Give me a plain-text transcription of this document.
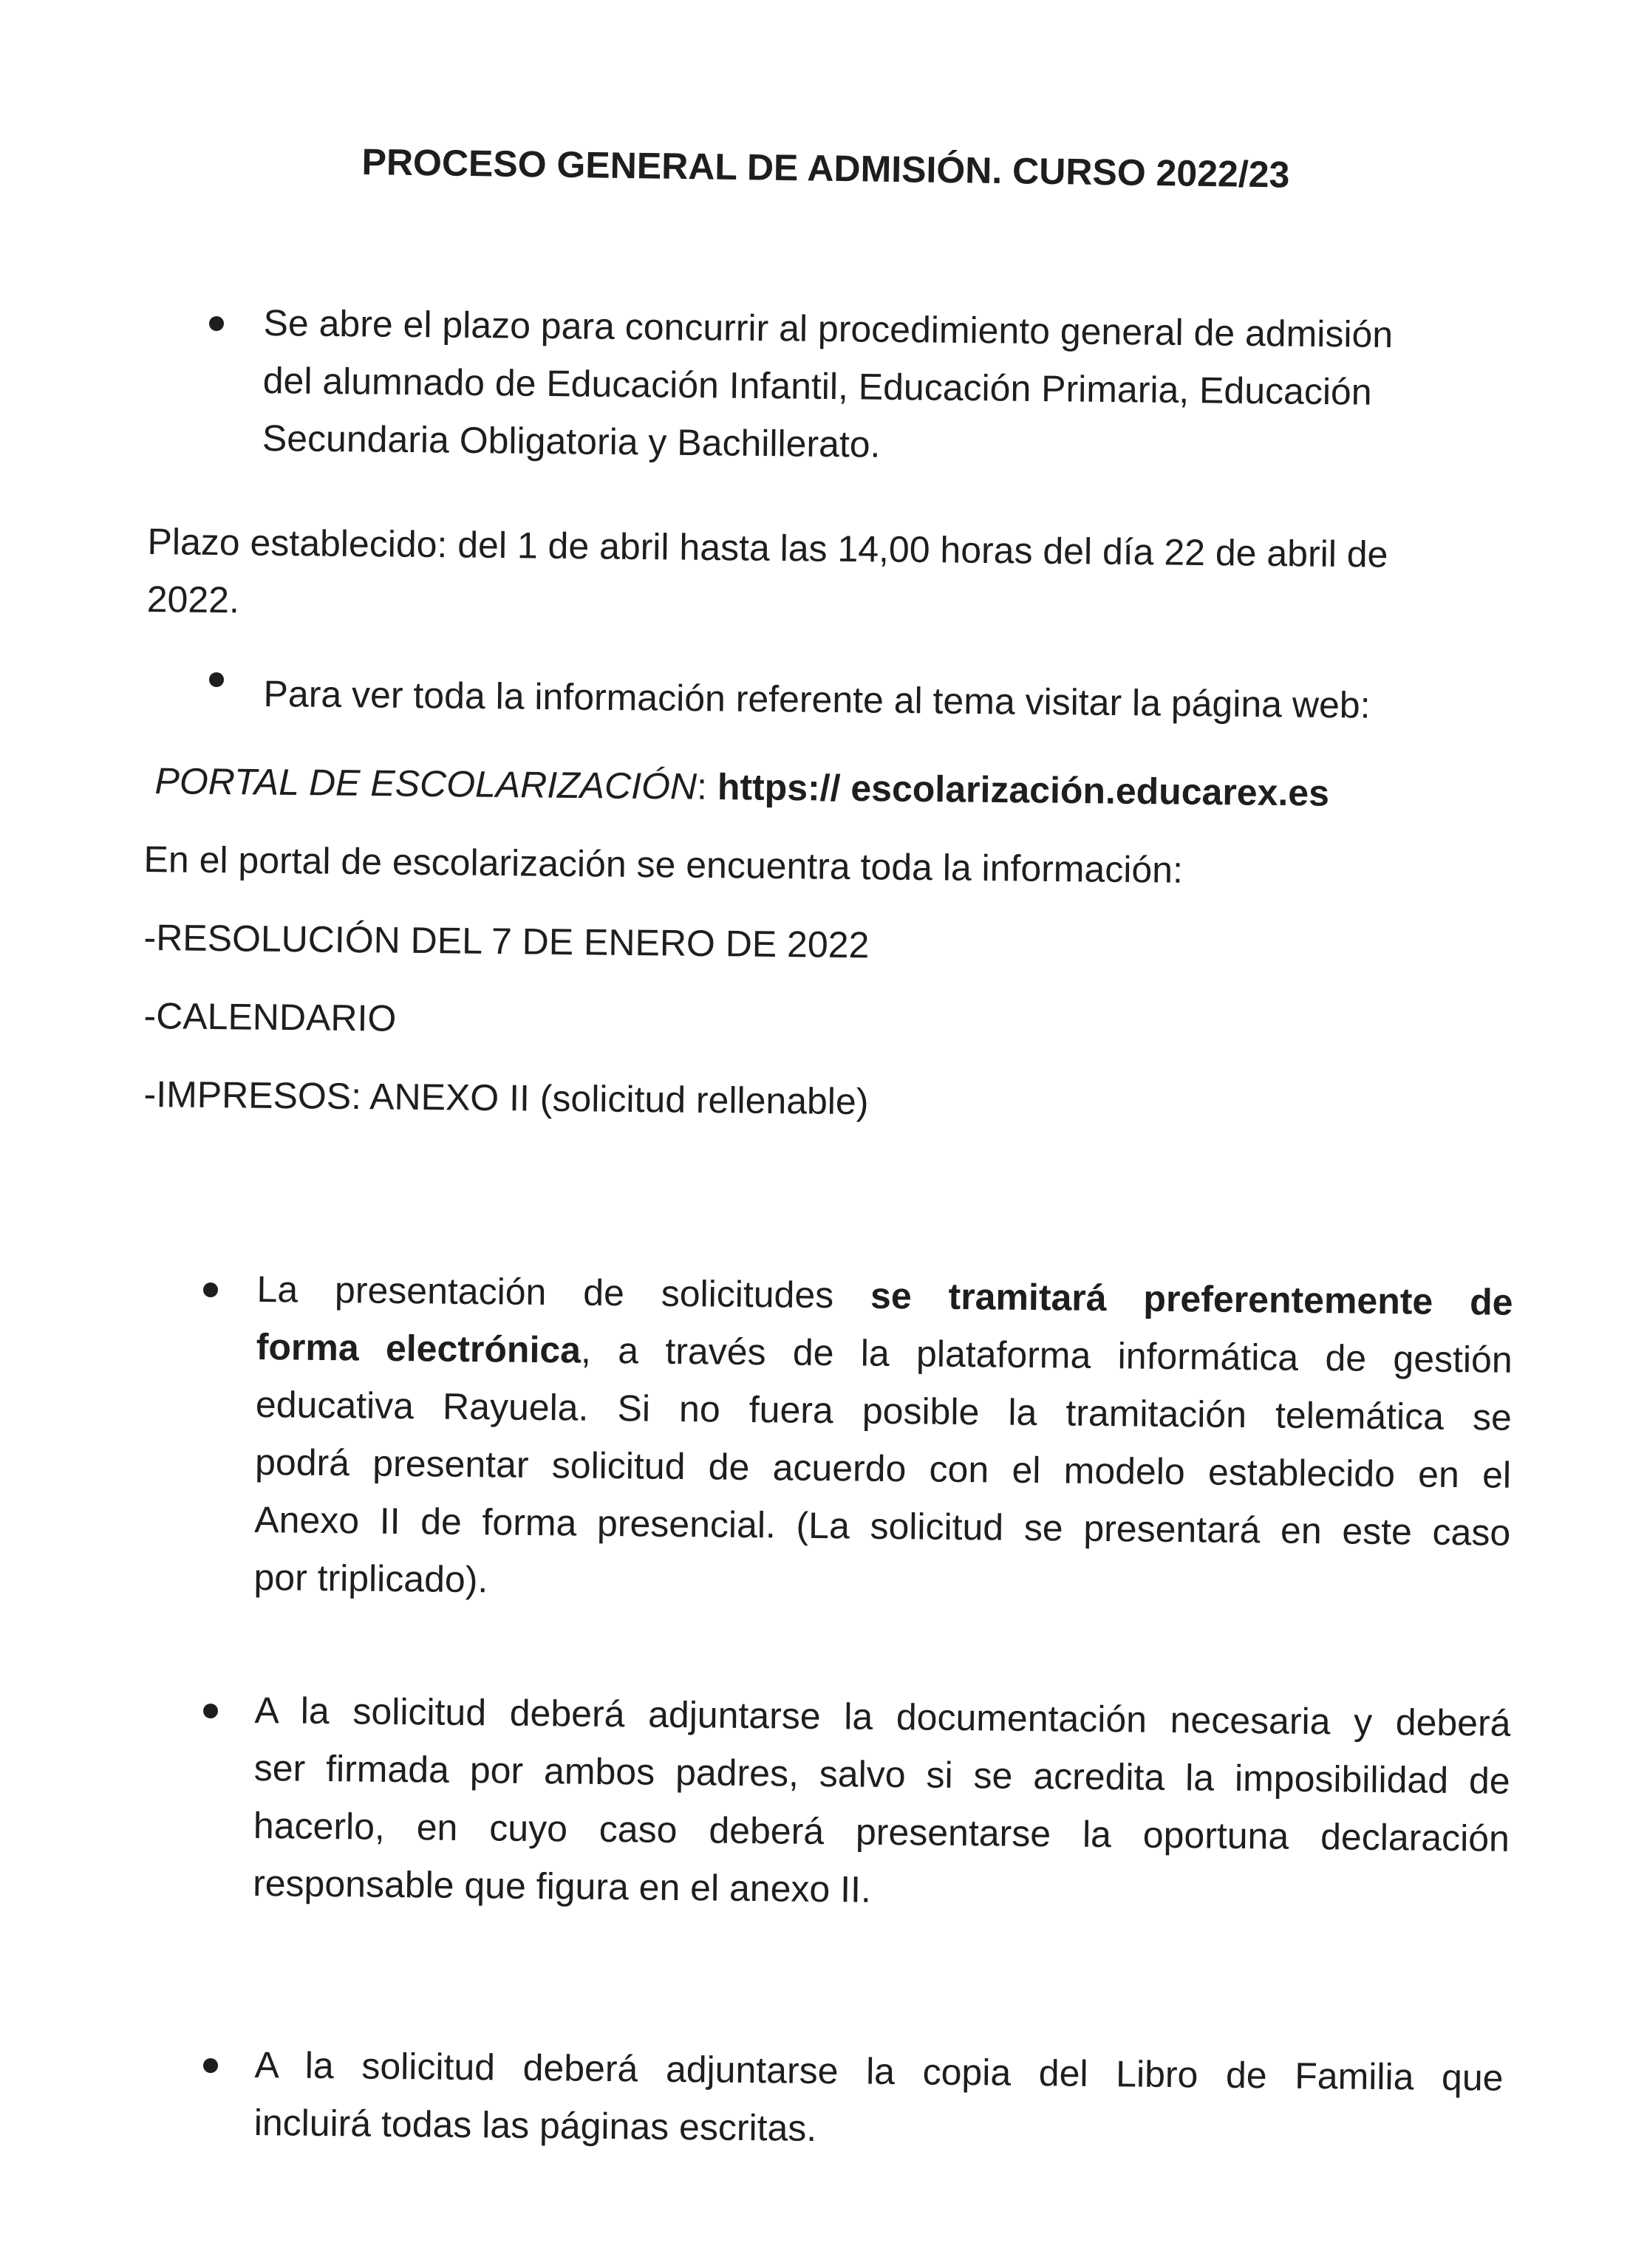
PROCESO GENERAL DE ADMISIÓN. CURSO 2022/23
Se abre el plazo para concurrir al procedimiento general de admisión
del alumnado de Educación Infantil, Educación Primaria, Educación
Secundaria Obligatoria y Bachillerato.
Plazo establecido: del 1 de abril hasta las 14,00 horas del día 22 de abril de
2022.
Para ver toda la información referente al tema visitar la página web:
PORTAL DE ESCOLARIZACIÓN: https:// escolarización.educarex.es
En el portal de escolarización se encuentra toda la información:
-RESOLUCIÓN DEL 7 DE ENERO DE 2022
-CALENDARIO
-IMPRESOS: ANEXO II (solicitud rellenable)
La presentación de solicitudes se tramitará preferentemente de
forma electrónica, a través de la plataforma informática de gestión
educativa Rayuela. Si no fuera posible la tramitación telemática se
podrá presentar solicitud de acuerdo con el modelo establecido en el
Anexo II de forma presencial. (La solicitud se presentará en este caso
por triplicado).
A la solicitud deberá adjuntarse la documentación necesaria y deberá
ser firmada por ambos padres, salvo si se acredita la imposibilidad de
hacerlo, en cuyo caso deberá presentarse la oportuna declaración
responsable que figura en el anexo II.
A la solicitud deberá adjuntarse la copia del Libro de Familia que
incluirá todas las páginas escritas.
